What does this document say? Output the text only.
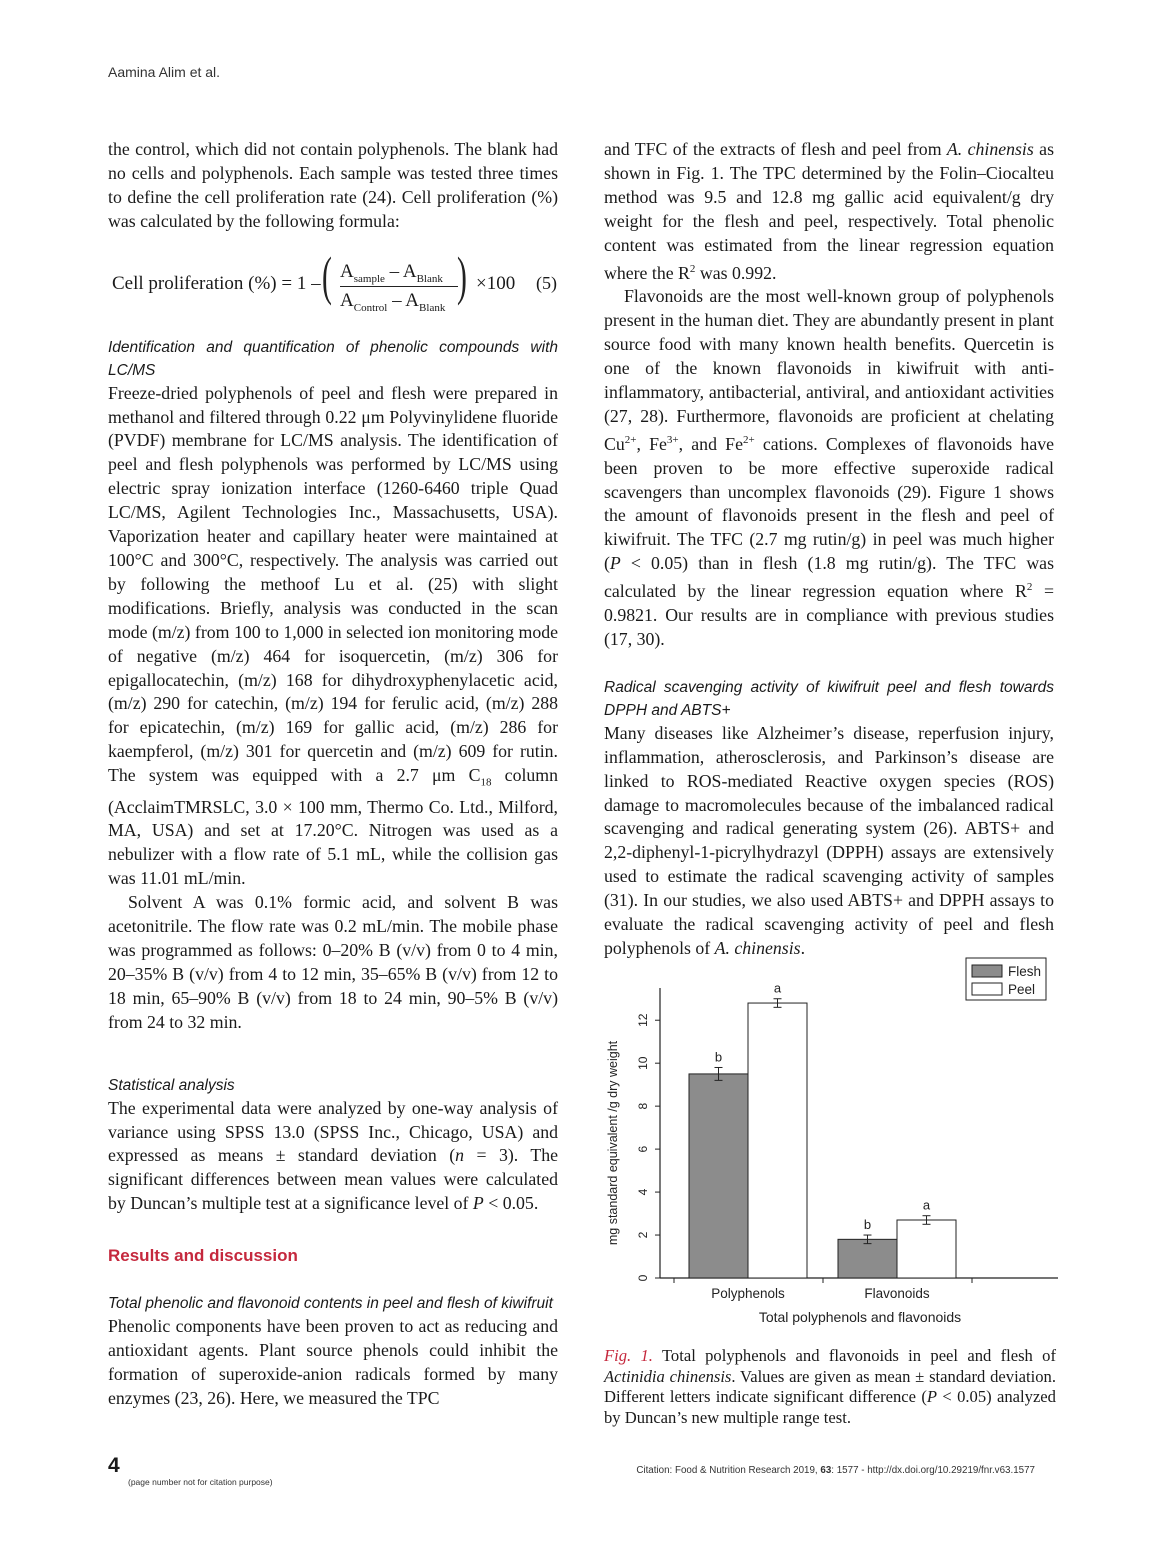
Aamina Alim et al.

the control, which did not contain polyphenols. The blank had no cells and polyphenols. Each sample was tested three times to define the cell proliferation rate (24). Cell proliferation (%) was calculated by the following formula:

Cell proliferation (%) = 1 – ( $A_{sample} - A_{Blank}$
$A_{Control} - A_{Blank}$
) ×100 (5)

Identification and quantification of phenolic compounds with LC/MS

Freeze-dried polyphenols of peel and flesh were prepared in methanol and filtered through 0.22 μm Polyvinylidene fluoride (PVDF) membrane for LC/MS analysis. The identification of peel and flesh polyphenols was performed by LC/MS using electric spray ionization interface (1260-6460 triple Quad LC/MS, Agilent Technologies Inc., Massachusetts, USA). Vaporization heater and capillary heater were maintained at 100°C and 300°C, respectively. The analysis was carried out by following the methoof Lu et al. (25) with slight modifications. Briefly, analysis was conducted in the scan mode (m/z) from 100 to 1,000 in selected ion monitoring mode of negative (m/z) 464 for isoquercetin, (m/z) 306 for epigallocatechin, (m/z) 168 for dihydroxyphenylacetic acid, (m/z) 290 for catechin, (m/z) 194 for ferulic acid, (m/z) 288 for epicatechin, (m/z) 169 for gallic acid, (m/z) 286 for kaempferol, (m/z) 301 for quercetin and (m/z) 609 for rutin. The system was equipped with a 2.7 μm $C_{18}$ column (AcclaimTMRSLC, 3.0 × 100 mm, Thermo Co. Ltd., Milford, MA, USA) and set at 17.20°C. Nitrogen was used as a nebulizer with a flow rate of 5.1 mL, while the collision gas was 11.01 mL/min.

Solvent A was 0.1% formic acid, and solvent B was acetonitrile. The flow rate was 0.2 mL/min. The mobile phase was programmed as follows: 0–20% B (v/v) from 0 to 4 min, 20–35% B (v/v) from 4 to 12 min, 35–65% B (v/v) from 12 to 18 min, 65–90% B (v/v) from 18 to 24 min, 90–5% B (v/v) from 24 to 32 min.

Statistical analysis

The experimental data were analyzed by one-way analysis of variance using SPSS 13.0 (SPSS Inc., Chicago, USA) and expressed as means ± standard deviation (n = 3). The significant differences between mean values were calculated by Duncan’s multiple test at a significance level of P < 0.05.

Results and discussion

Total phenolic and flavonoid contents in peel and flesh of kiwifruit

Phenolic components have been proven to act as reducing and antioxidant agents. Plant source phenols could inhibit the formation of superoxide-anion radicals formed by many enzymes (23, 26). Here, we measured the TPC

and TFC of the extracts of flesh and peel from A. chinensis as shown in Fig. 1. The TPC determined by the Folin–Ciocalteu method was 9.5 and 12.8 mg gallic acid equivalent/g dry weight for the flesh and peel, respectively. Total phenolic content was estimated from the linear regression equation where the $R^2$ was 0.992.

Flavonoids are the most well-known group of polyphenols present in the human diet. They are abundantly present in plant source food with many known health benefits. Quercetin is one of the known flavonoids in kiwifruit with anti-inflammatory, antibacterial, antiviral, and antioxidant activities (27, 28). Furthermore, flavonoids are proficient at chelating $Cu^{2+}$, $Fe^{3+}$, and $Fe^{2+}$ cations. Complexes of flavonoids have been proven to be more effective superoxide radical scavengers than uncomplex flavonoids (29). Figure 1 shows the amount of flavonoids present in the flesh and peel of kiwifruit. The TFC (2.7 mg rutin/g) in peel was much higher (P < 0.05) than in flesh (1.8 mg rutin/g). The TFC was calculated by the linear regression equation where $R^2 = 0.9821$. Our results are in compliance with previous studies (17, 30).

Radical scavenging activity of kiwifruit peel and flesh towards DPPH and ABTS+

Many diseases like Alzheimer’s disease, reperfusion injury, inflammation, atherosclerosis, and Parkinson’s disease are linked to ROS-mediated Reactive oxygen species (ROS) damage to macromolecules because of the imbalanced radical scavenging and radical generating system (26). ABTS+ and 2,2-diphenyl-1-picrylhydrazyl (DPPH) assays are extensively used to estimate the radical scavenging activity of samples (31). In our studies, we also used ABTS+ and DPPH assays to evaluate the radical scavenging activity of peel and flesh polyphenols of A. chinensis.

0
2
4
6
8
10
12
mg standard equivalent /g dry weight	b
a
Polyphenols
b
a
Flavonoids
Total polyphenols and flavonoids
Flesh
Peel
Fig. 1. Total polyphenols and flavonoids in peel and flesh of Actinidia chinensis. Values are given as mean ± standard deviation. Different letters indicate significant difference (P < 0.05) analyzed by Duncan’s new multiple range test.
4
(page number not for citation purpose)
Citation: Food & Nutrition Research 2019, 63: 1577 - http://dx.doi.org/10.29219/fnr.v63.1577
